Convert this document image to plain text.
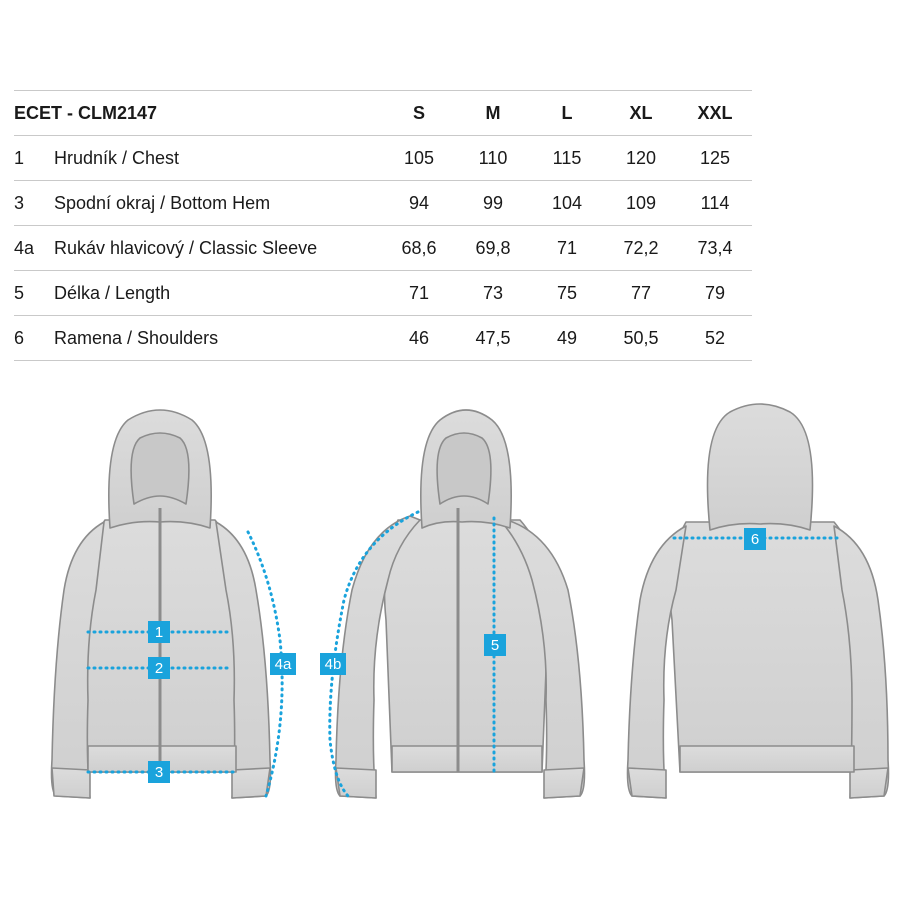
ECET - CLM2147	S	M	L	XL	XXL
1 Hrudník / Chest	105	110	115	120	125
3 Spodní okraj / Bottom Hem	94	99	104	109	114
4a Rukáv hlavicový / Classic Sleeve	68,6	69,8	71	72,2	73,4
5 Délka / Length	71	73	75	77	79
6 Ramena / Shoulders	46	47,5	49	50,5	52
1
2
3
4a 4b
5
6
